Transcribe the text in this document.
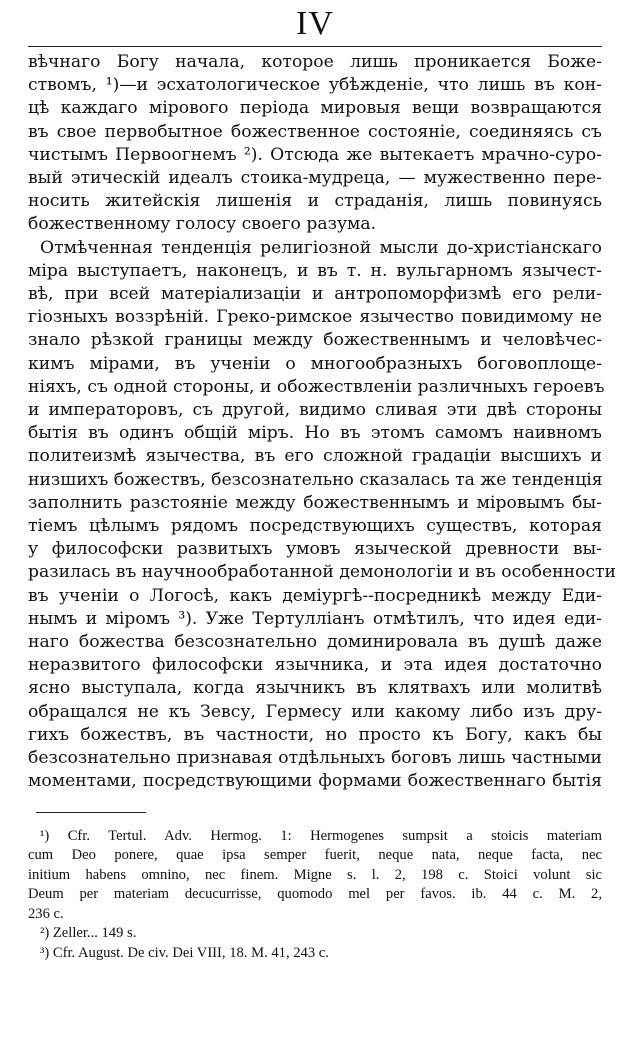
IV
вѣчнаго Богу начала, которое лишь проникается Боже-
ствомъ, ¹)—и эсхатологическое убѣжденіе, что лишь въ кон-
цѣ каждаго мірового періода мировыя вещи возвращаются
въ свое первобытное божественное состояніе, соединяясь съ
чистымъ Первоогнемъ ²). Отсюда же вытекаетъ мрачно-суро-
вый этическій идеалъ стоика-мудреца, — мужественно пере-
носить житейскія лишенія и страданія, лишь повинуясь
божественному голосу своего разума.
Отмѣченная тенденція религіозной мысли до-христіанскаго
міра выступаетъ, наконецъ, и въ т. н. вульгарномъ язычест-
вѣ, при всей матеріализаціи и антропоморфизмѣ его рели-
гіозныхъ воззрѣній. Греко-римское язычество повидимому не
знало рѣзкой границы между божественнымъ и человѣчес-
кимъ мірами, въ ученіи о многообразныхъ боговоплоще-
ніяхъ, съ одной стороны, и обожествленіи различныхъ героевъ
и императоровъ, съ другой, видимо сливая эти двѣ стороны
бытія въ одинъ общій міръ. Но въ этомъ самомъ наивномъ
политеизмѣ язычества, въ его сложной градаціи высшихъ и
низшихъ божествъ, безсознательно сказалась та же тенденція
заполнить разстояніе между божественнымъ и міровымъ бы-
тіемъ цѣлымъ рядомъ посредствующихъ существъ, которая
у философски развитыхъ умовъ языческой древности вы-
разилась въ научнообработанной демонологіи и въ особенности
въ ученіи о Логосѣ, какъ деміургѣ--посредникѣ между Еди-
нымъ и міромъ ³). Уже Тертулліанъ отмѣтилъ, что идея еди-
наго божества безсознательно доминировала въ душѣ даже
неразвитого философски язычника, и эта идея достаточно
ясно выступала, когда язычникъ въ клятвахъ или молитвѣ
обращался не къ Зевсу, Гермесу или какому либо изъ дру-
гихъ божествъ, въ частности, но просто къ Богу, какъ бы
безсознательно признавая отдѣльныхъ боговъ лишь частными
моментами, посредствующими формами божественнаго бытія
¹) Cfr. Tertul. Adv. Hermog. 1: Hermogenes sumpsit a stoicis materiam
cum Deo ponere, quae ipsa semper fuerit, neque nata, neque facta, nec
initium habens omnino, nec finem. Migne s. l. 2, 198 c. Stoici volunt sic
Deum per materiam decucurrisse, quomodo mel per favos. ib. 44 c. M. 2,
236 c.
²) Zeller... 149 s.
³) Cfr. August. De civ. Dei VIII, 18. M. 41, 243 c.
